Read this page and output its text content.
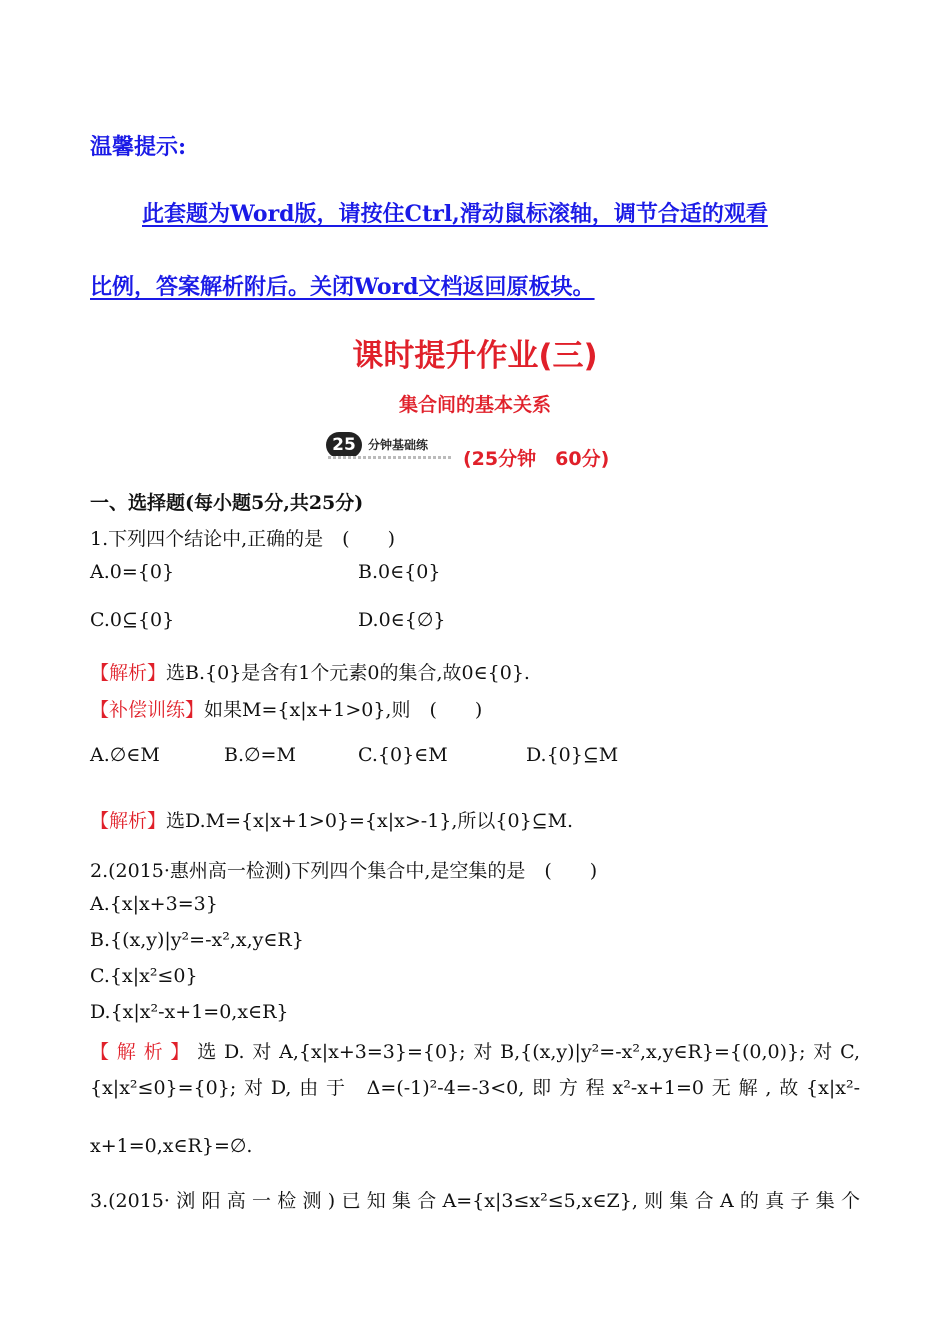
温馨提示:
此套题为Word版，请按住Ctrl,滑动鼠标滚轴，调节合适的观看
比例，答案解析附后。关闭Word文档返回原板块。
课时提升作业(三)
集合间的基本关系
25	分钟基础练
(25分钟　60分)
一、选择题(每小题5分,共25分)
1.下列四个结论中,正确的是　(　　)
A.0={0}	B.0∈{0}
C.0⊆{0}	D.0∈{∅}
【解析】选B.{0}是含有1个元素0的集合,故0∈{0}.
【补偿训练】如果M={x|x+1>0},则　(　　)
A.∅∈M	B.∅=M	C.{0}∈M	D.{0}⊆M
【解析】选D.M={x|x+1>0}={x|x>-1},所以{0}⊆M.
2.(2015·惠州高一检测)下列四个集合中,是空集的是　(　　)
A.{x|x+3=3}
B.{(x,y)|y²=-x²,x,y∈R}
C.{x|x²≤0}
D.{x|x²-x+1=0,x∈R}
【解析】选D.对A,{x|x+3=3}={0};对B,{(x,y)|y²=-x²,x,y∈R}={(0,0)};对C,
{x|x²≤0}={0};对D,由于 Δ=(-1)²-4=-3<0,即方程x²-x+1=0无解,故{x|x²-
x+1=0,x∈R}=∅.
3.(2015·浏阳高一检测)已知集合A={x|3≤x²≤5,x∈Z},则集合A的真子集个
